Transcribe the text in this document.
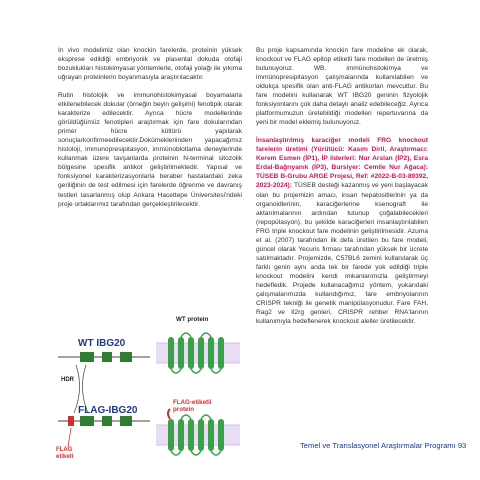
In vivo modelimiz olan knockin farelerde, proteinin yüksek eksprese edildiği embriyonik ve plasental dokuda otofaji bozuklukları histokimyasal yöntemlerle, otofaji yolağı ile yıkıma uğrayan proteinlerin boyanmasıyla araştırılacaktır.

Rutin histolojik ve immunohistokimyasal boyamalarla etkilenebilecek dokular (örneğin beyin gelişimi) fenotipik olarak karakterize edilecektir. Ayrıca hücre modellerinde görüldüğümüz fenotipleri araştırmak için fare dokularından primer hücre kültürü yapılarak sonuçlarkonfirmeedilecektir.Dokümekleriinden yapacağımız histoloji, immunopresipitasyon, immünoblotlama deneylerinde kullanmak üzere tavşanlarda proteinin N-terminal sitozolik bölgesine spesifik antikot geliştirilmektedir. Yapısal ve fonksiyonel karakterizasyonlarla beraber hastalardaki zeka geriliğinin de test edilmesi için farelerde öğrenme ve davranış testleri tasarlanmış olup Ankara Hacettepe Üniversitesi'ndeki proje ortaklarımız tarafından gerçekleştirilecektir.

Bu proje kapsamında knockin fare modeline ek olarak, knockout ve FLAG epitop etiketli fare modelleri de üretmiş bulunuyoruz. WB, immünohistokimya ve immünopresipitasyon çalışmalarında kullanılabilen ve oldukça spesifik olan anti-FLAG antikorları mevcuttur. Bu fare modelini kullanarak WT IBG20 geninin fizyolojik fonksiyonlarını çok daha detaylı analiz edebileceğiz. Ayrıca platformumuzun üretebildiği modelleri repertuvarına da yeni bir model eklemiş bulunuyoruz.

İnsanlaştırılmış karaciğer modeli FRG knockout farelerin üretimi (Yürütücü: Kasım Diril, Araştırmacı: Kerem Esmen (İP1), İP liderleri: Nur Arslan (İP2), Esra Erdal-Bağrıyanık (İP3), Bursiyer: Cemile Nur Ağaca): TÜSEB B-Grubu ARGE Projesi, Ref: #2022-B-03-89392, 2023-2024): TÜSEB desteği kazanmış ve yeni başlayacak olan bu projemizin amacı, insan hepatositlerinin ya da organoidlerinin, karaciğerlerine ksenograft ile aktarılmalarının ardından tutunup çoğalabilecekleri (repopülasyon), bu şekilde karaciğerleri insanlaştırılabilen FRG triple knockout fare modelinin geliştirilmesidir. Azuma et al. (2007) tarafından ilk defa üretilen bu fare modeli, güncel olarak Yecuris firması tarafından yüksek bir ücrete satılmaktadır. Projemizde, C57BL6 zemini kullanılarak üç farklı genin aynı anda tek bir farede yok edildiği triple knockout modelini kendi imkanlarımızla geliştirmeyi hedefledik. Projede kullanacağımız yöntem, yukarıdaki çalışmalarımızda kullandığımız, fare embriyolarının CRISPR tekniği ile genetik manipülasyonudur. Fare FAH, Rag2 ve Il2rg genleri, CRISPR rehber RNA'larının kullanımıyla hedeflenerek knockout aleller üretilecektir.

WT IBG20
FLAG-IBG20
HDR
FLAG etiketi
WT protein
FLAG-etiketli protein
Temel ve Translasyonel Araştırmalar Programı 93
